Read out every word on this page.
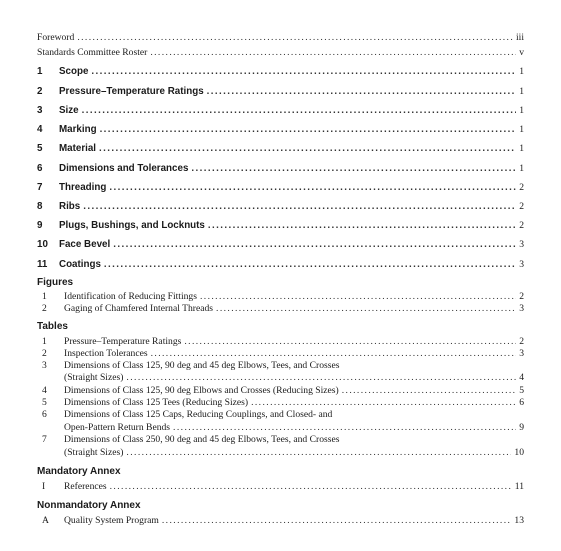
Foreword .....	iii
Standards Committee Roster .....	v
1	Scope .....	1
2	Pressure–Temperature Ratings .....	1
3	Size .....	1
4	Marking .....	1
5	Material .....	1
6	Dimensions and Tolerances .....	1
7	Threading .....	2
8	Ribs .....	2
9	Plugs, Bushings, and Locknuts .....	2
10	Face Bevel .....	3
11	Coatings .....	3
Figures
1	Identification of Reducing Fittings .....	2
2	Gaging of Chamfered Internal Threads .....	3
Tables
1	Pressure–Temperature Ratings .....	2
2	Inspection Tolerances .....	3
3 Dimensions of Class 125, 90 deg and 45 deg Elbows, Tees, and Crosses
(Straight Sizes) .....	4
4	Dimensions of Class 125, 90 deg Elbows and Crosses (Reducing Sizes) .....	5
5	Dimensions of Class 125 Tees (Reducing Sizes) .....	6
6 Dimensions of Class 125 Caps, Reducing Couplings, and Closed- and
Open-Pattern Return Bends .....	9
7 Dimensions of Class 250, 90 deg and 45 deg Elbows, Tees, and Crosses
(Straight Sizes) .....	10
Mandatory Annex
I	References .....	11
Nonmandatory Annex
A	Quality System Program .....	13
